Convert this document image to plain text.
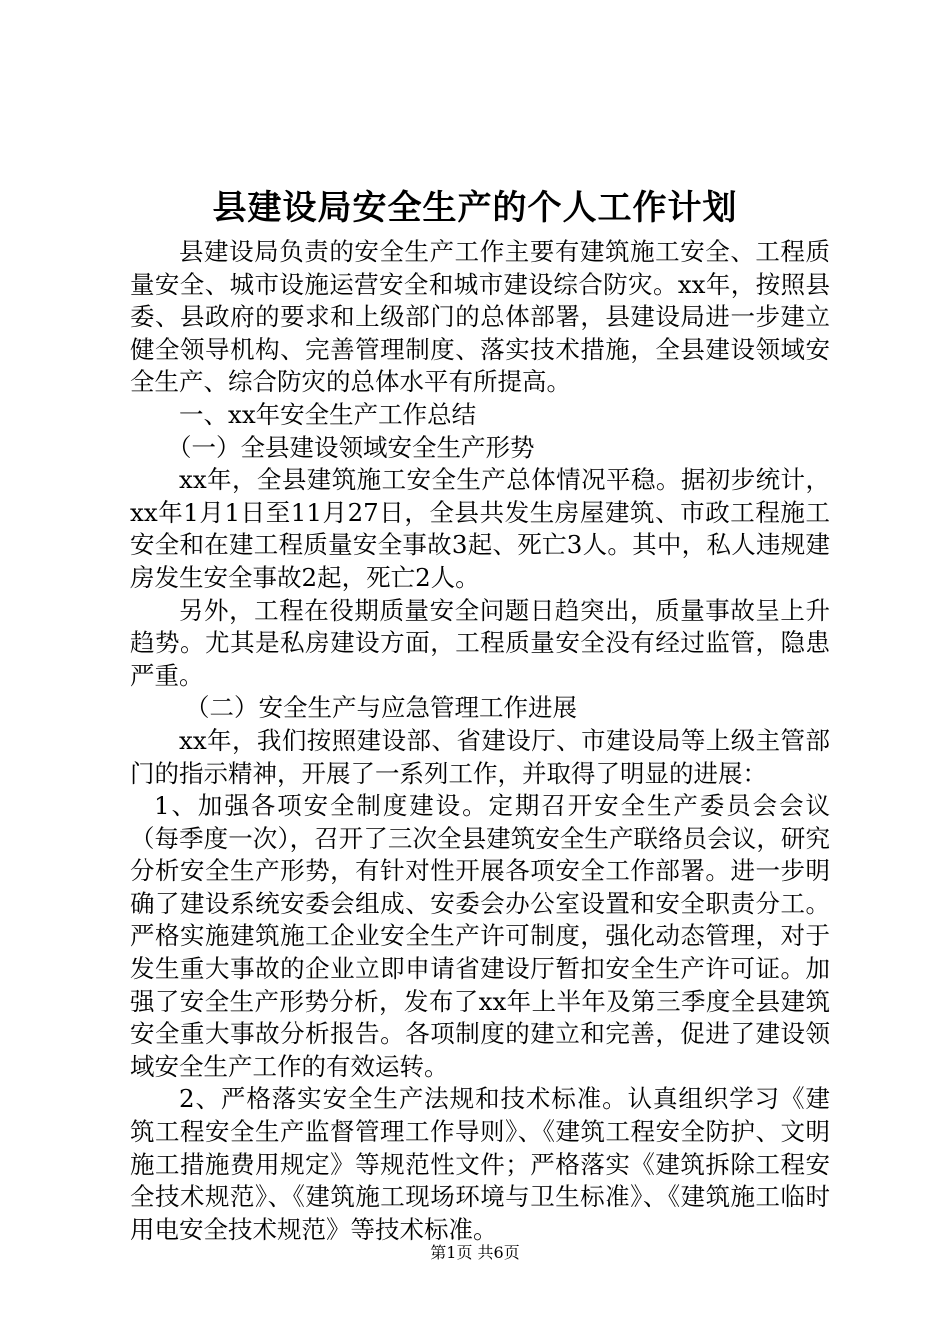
县建设局安全生产的个人工作计划

县建设局负责的安全生产工作主要有建筑施工安全、工程质量安全、城市设施运营安全和城市建设综合防灾。xx年，按照县委、县政府的要求和上级部门的总体部署，县建设局进一步建立健全领导机构、完善管理制度、落实技术措施，全县建设领域安全生产、综合防灾的总体水平有所提高。

一、xx年安全生产工作总结

（一）全县建设领域安全生产形势

xx年，全县建筑施工安全生产总体情况平稳。据初步统计，xx年1月1日至11月27日，全县共发生房屋建筑、市政工程施工安全和在建工程质量安全事故3起、死亡3人。其中，私人违规建房发生安全事故2起，死亡2人。

另外，工程在役期质量安全问题日趋突出，质量事故呈上升趋势。尤其是私房建设方面，工程质量安全没有经过监管，隐患严重。

（二）安全生产与应急管理工作进展

xx年，我们按照建设部、省建设厅、市建设局等上级主管部门的指示精神，开展了一系列工作，并取得了明显的进展：

1、加强各项安全制度建设。定期召开安全生产委员会会议（每季度一次），召开了三次全县建筑安全生产联络员会议，研究分析安全生产形势，有针对性开展各项安全工作部署。进一步明确了建设系统安委会组成、安委会办公室设置和安全职责分工。严格实施建筑施工企业安全生产许可制度，强化动态管理，对于发生重大事故的企业立即申请省建设厅暂扣安全生产许可证。加强了安全生产形势分析，发布了xx年上半年及第三季度全县建筑安全重大事故分析报告。各项制度的建立和完善，促进了建设领域安全生产工作的有效运转。

2、严格落实安全生产法规和技术标准。认真组织学习《建筑工程安全生产监督管理工作导则》、《建筑工程安全防护、文明施工措施费用规定》等规范性文件；严格落实《建筑拆除工程安全技术规范》、《建筑施工现场环境与卫生标准》、《建筑施工临时用电安全技术规范》等技术标准。

第1页 共6页
